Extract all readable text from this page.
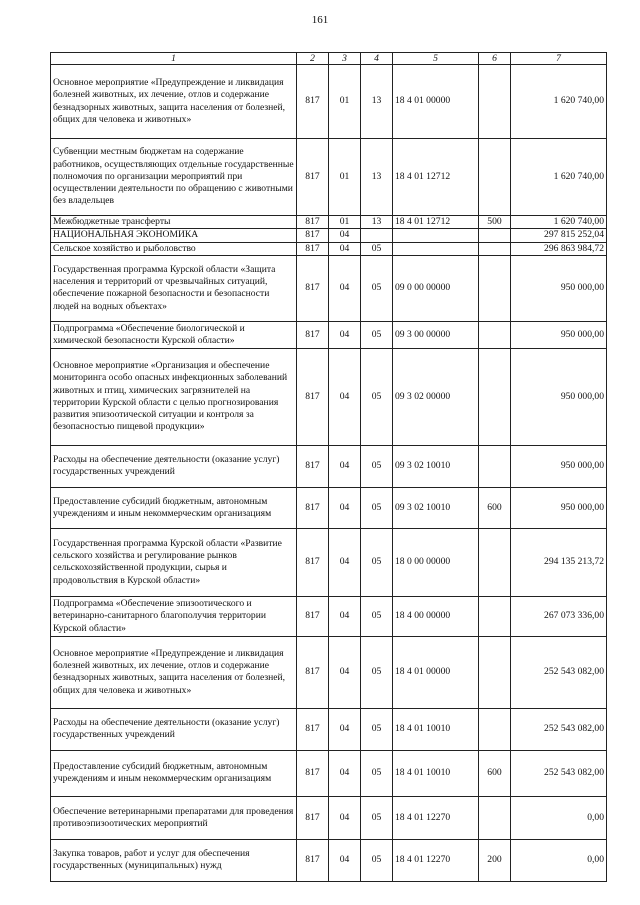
161
1	2	3	4	5	6	7
Основное мероприятие «Предупреждение и ликвидация болезней животных, их лечение, отлов и содержание безнадзорных животных, защита населения от болезней, общих для человека и животных»	817	01	13	18 4 01 00000		1 620 740,00
Субвенции местным бюджетам на содержание работников, осуществляющих отдельные государственные полномочия по организации мероприятий при осуществлении деятельности по обращению с животными без владельцев	817	01	13	18 4 01 12712		1 620 740,00
Межбюджетные трансферты	817	01	13	18 4 01 12712	500	1 620 740,00
НАЦИОНАЛЬНАЯ ЭКОНОМИКА	817	04				297 815 252,04
Сельское хозяйство и рыболовство	817	04	05			296 863 984,72
Государственная программа Курской области «Защита населения и территорий от чрезвычайных ситуаций, обеспечение пожарной безопасности и безопасности людей на водных объектах»	817	04	05	09 0 00 00000		950 000,00
Подпрограмма «Обеспечение биологической и химической безопасности Курской области»	817	04	05	09 3 00 00000		950 000,00
Основное мероприятие «Организация и обеспечение мониторинга особо опасных инфекционных заболеваний животных и птиц, химических загрязнителей на территории Курской области с целью прогнозирования развития эпизоотической ситуации и контроля за безопасностью пищевой продукции»	817	04	05	09 3 02 00000		950 000,00
Расходы на обеспечение деятельности (оказание услуг) государственных учреждений	817	04	05	09 3 02 10010		950 000,00
Предоставление субсидий бюджетным, автономным учреждениям и иным некоммерческим организациям	817	04	05	09 3 02 10010	600	950 000,00
Государственная программа Курской области «Развитие сельского хозяйства и регулирование рынков сельскохозяйственной продукции, сырья и продовольствия в Курской области»	817	04	05	18 0 00 00000		294 135 213,72
Подпрограмма «Обеспечение эпизоотического и ветеринарно-санитарного благополучия территории Курской области»	817	04	05	18 4 00 00000		267 073 336,00
Основное мероприятие «Предупреждение и ликвидация болезней животных, их лечение, отлов и содержание безнадзорных животных, защита населения от болезней, общих для человека и животных»	817	04	05	18 4 01 00000		252 543 082,00
Расходы на обеспечение деятельности (оказание услуг) государственных учреждений	817	04	05	18 4 01 10010		252 543 082,00
Предоставление субсидий бюджетным, автономным учреждениям и иным некоммерческим организациям	817	04	05	18 4 01 10010	600	252 543 082,00
Обеспечение ветеринарными препаратами для проведения противоэпизоотических мероприятий	817	04	05	18 4 01 12270		0,00
Закупка товаров, работ и услуг для обеспечения государственных (муниципальных) нужд	817	04	05	18 4 01 12270	200	0,00
